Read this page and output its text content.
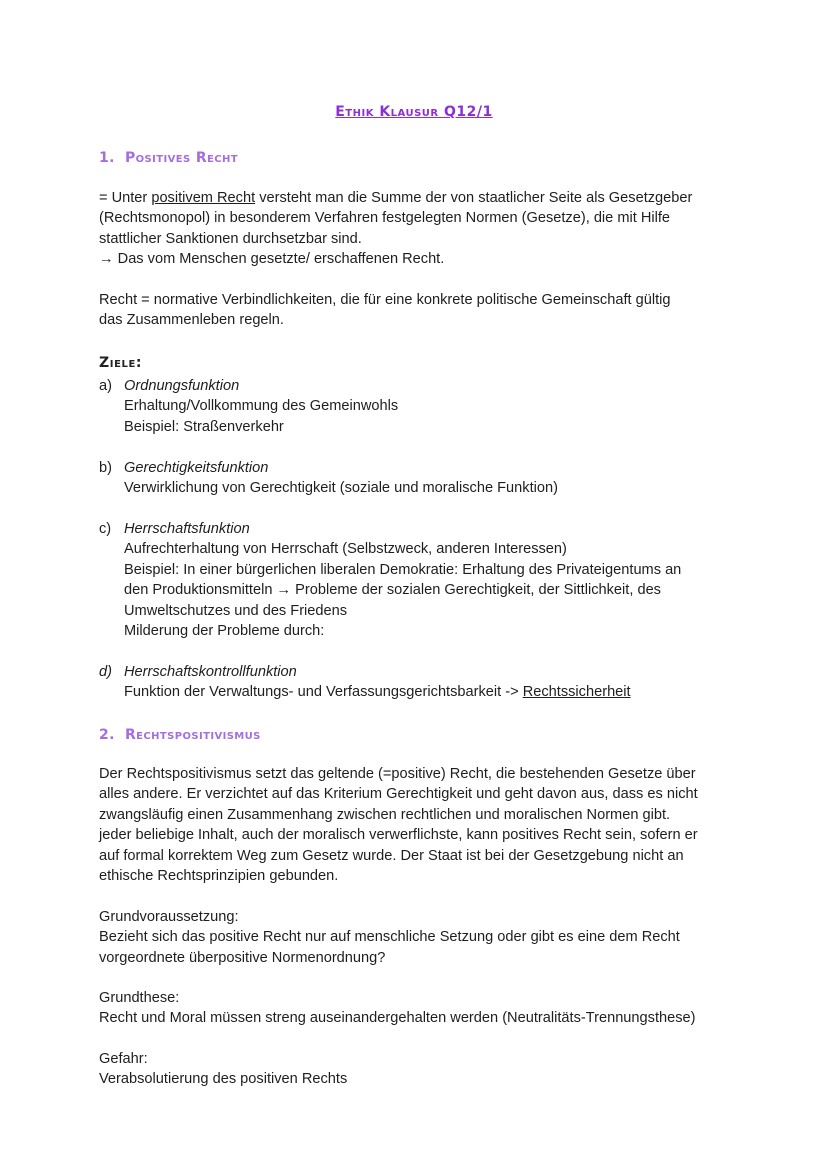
Ethik Klausur Q12/1
1. Positives Recht
= Unter positivem Recht versteht man die Summe der von staatlicher Seite als Gesetzgeber
(Rechtsmonopol) in besonderem Verfahren festgelegten Normen (Gesetze), die mit Hilfe
stattlicher Sanktionen durchsetzbar sind.
→ Das vom Menschen gesetzte/ erschaffenen Recht.
Recht = normative Verbindlichkeiten, die für eine konkrete politische Gemeinschaft gültig
das Zusammenleben regeln.
Ziele:
a) Ordnungsfunktion
Erhaltung/Vollkommung des Gemeinwohls
Beispiel: Straßenverkehr
b) Gerechtigkeitsfunktion
Verwirklichung von Gerechtigkeit (soziale und moralische Funktion)
c) Herrschaftsfunktion
Aufrechterhaltung von Herrschaft (Selbstzweck, anderen Interessen)
Beispiel: In einer bürgerlichen liberalen Demokratie: Erhaltung des Privateigentums an
den Produktionsmitteln → Probleme der sozialen Gerechtigkeit, der Sittlichkeit, des
Umweltschutzes und des Friedens
Milderung der Probleme durch:
d) Herrschaftskontrollfunktion
Funktion der Verwaltungs- und Verfassungsgerichtsbarkeit -> Rechtssicherheit
2. Rechtspositivismus
Der Rechtspositivismus setzt das geltende (=positive) Recht, die bestehenden Gesetze über
alles andere. Er verzichtet auf das Kriterium Gerechtigkeit und geht davon aus, dass es nicht
zwangsläufig einen Zusammenhang zwischen rechtlichen und moralischen Normen gibt.
jeder beliebige Inhalt, auch der moralisch verwerflichste, kann positives Recht sein, sofern er
auf formal korrektem Weg zum Gesetz wurde. Der Staat ist bei der Gesetzgebung nicht an
ethische Rechtsprinzipien gebunden.
Grundvoraussetzung:
Bezieht sich das positive Recht nur auf menschliche Setzung oder gibt es eine dem Recht
vorgeordnete überpositive Normenordnung?
Grundthese:
Recht und Moral müssen streng auseinandergehalten werden (Neutralitäts-Trennungsthese)
Gefahr:
Verabsolutierung des positiven Rechts
